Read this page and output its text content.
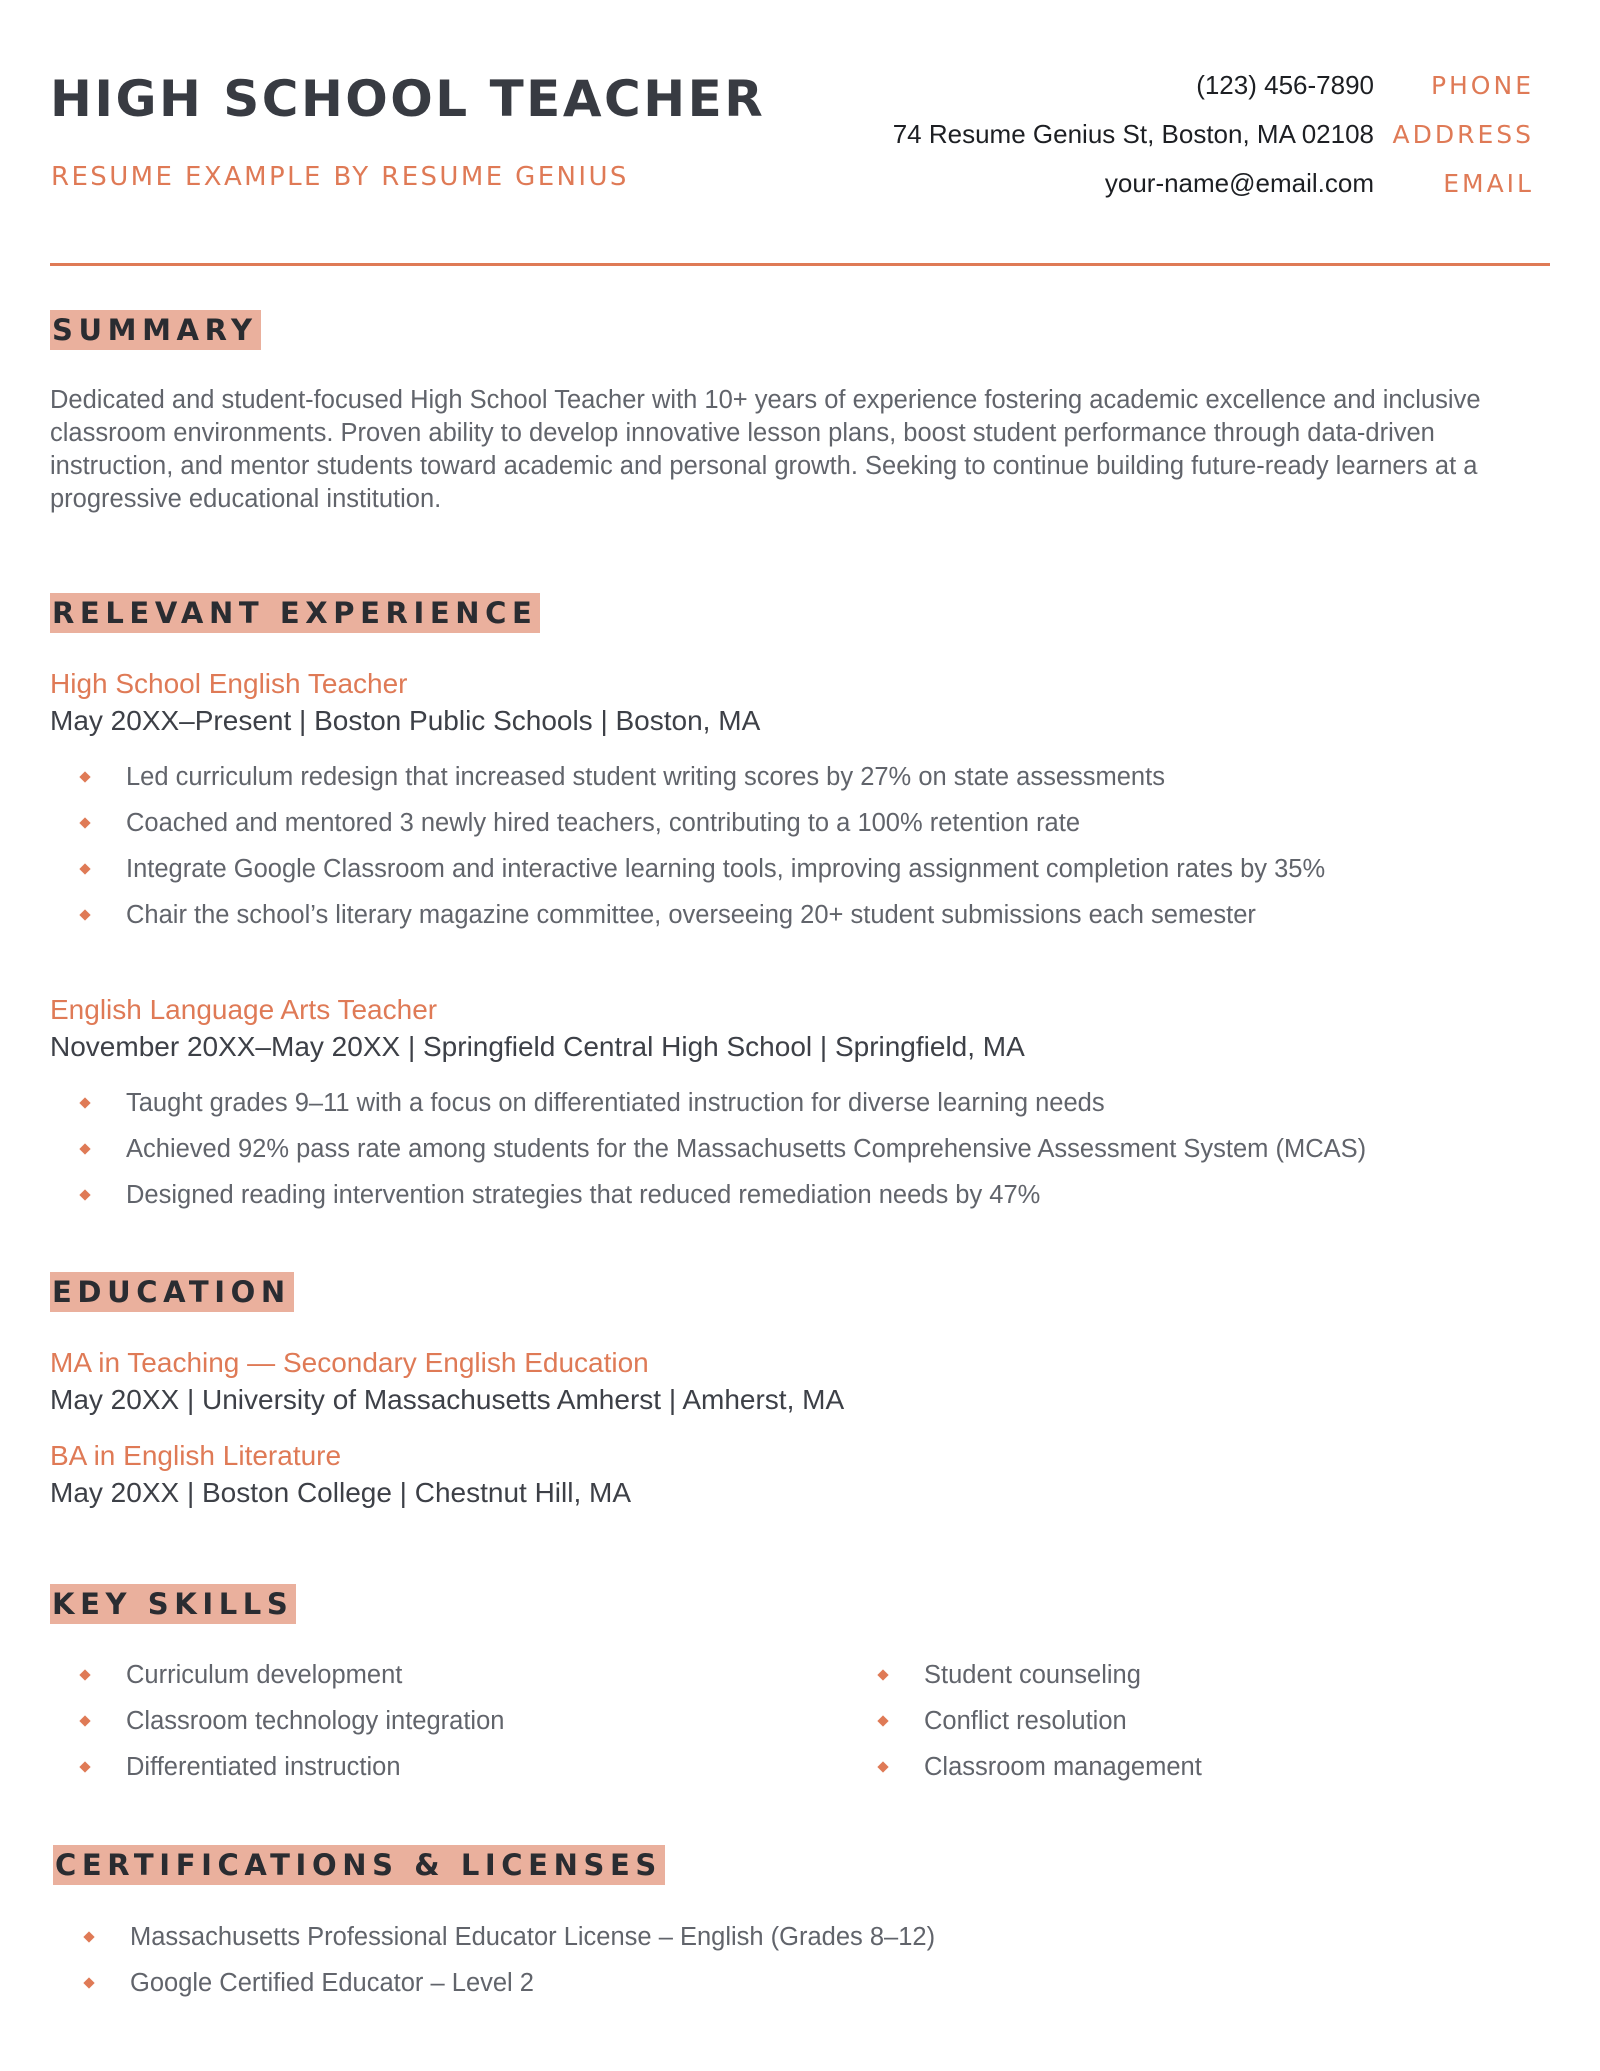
HIGH SCHOOL TEACHER
RESUME EXAMPLE BY RESUME GENIUS
(123) 456-7890	PHONE
74 Resume Genius St, Boston, MA 02108 ADDRESS
your-name@email.com	EMAIL
SUMMARY

Dedicated and student-focused High School Teacher with 10+ years of experience fostering academic excellence and inclusive classroom environments. Proven ability to develop innovative lesson plans, boost student performance through data-driven instruction, and mentor students toward academic and personal growth. Seeking to continue building future-ready learners at a progressive educational institution.

RELEVANT EXPERIENCE
High School English Teacher
May 20XX–Present | Boston Public Schools | Boston, MA
Led curriculum redesign that increased student writing scores by 27% on state assessments
Coached and mentored 3 newly hired teachers, contributing to a 100% retention rate
Integrate Google Classroom and interactive learning tools, improving assignment completion rates by 35%
Chair the school’s literary magazine committee, overseeing 20+ student submissions each semester
English Language Arts Teacher
November 20XX–May 20XX | Springfield Central High School | Springfield, MA
Taught grades 9–11 with a focus on differentiated instruction for diverse learning needs
Achieved 92% pass rate among students for the Massachusetts Comprehensive Assessment System (MCAS)
Designed reading intervention strategies that reduced remediation needs by 47%
EDUCATION
MA in Teaching — Secondary English Education
May 20XX | University of Massachusetts Amherst | Amherst, MA
BA in English Literature
May 20XX | Boston College | Chestnut Hill, MA
KEY SKILLS
Curriculum development
Classroom technology integration
Differentiated instruction
Student counseling
Conflict resolution
Classroom management
CERTIFICATIONS & LICENSES
Massachusetts Professional Educator License – English (Grades 8–12)
Google Certified Educator – Level 2
